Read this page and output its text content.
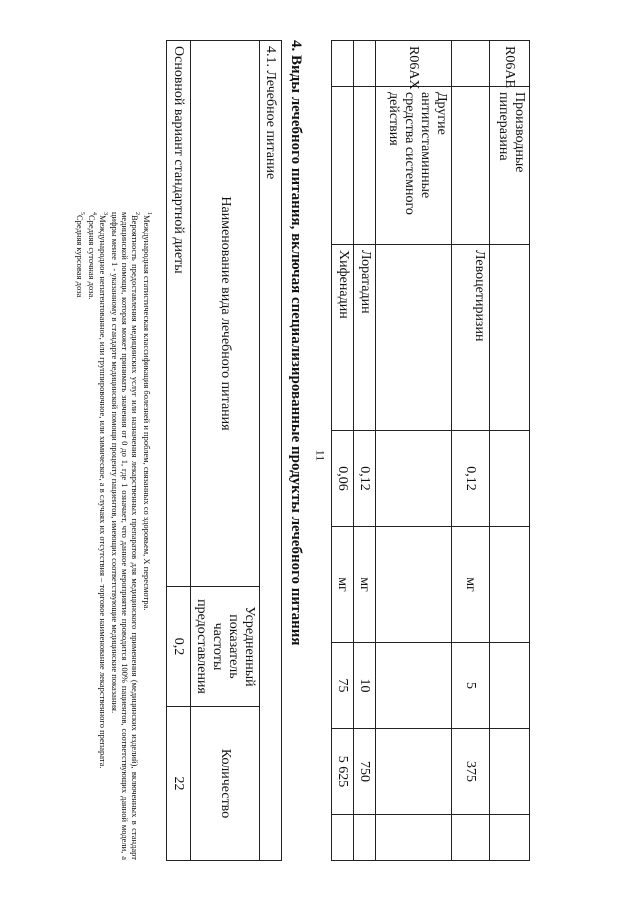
11
R06AE	Производные пиперазина						
		Левоцетиризин	0,12	мг	5	375	
R06AX	Другие антигистаминные средства системного действия						
		Лоратадин	0,12	мг	10	750	
		Хифенадин	0,06	мг	75	5 625	
4. Виды лечебного питания, включая специализированные продукты лечебного питания
4.1. Лечебное питание		
Наименование вида лечебного питания	Усредненный показатель частоты предоставления	Количество
Основной вариант стандартной диеты	0,2	22

$^1$Международная статистическая классификация болезней и проблем, связанных со здоровьем, X пересмотра.

$^2$Вероятность предоставления медицинских услуг или назначения лекарственных препаратов для медицинского применения (медицинских изделий), включенных в стандарт медицинской помощи, которая может принимать значения от 0 до 1, где 1 означает, что данное мероприятие проводится 100% пациентов, соответствующих данной модели, а цифры менее 1 - указанному в стандарте медицинской помощи проценту пациентов, имеющих соответствующие медицинские показания.

$^3$Международное непатентованное, или группировочное, или химическое, а в случаях их отсутствия – торговое наименование лекарственного препарата.

$^4$Средняя суточная доза.

$^5$Средняя курсовая доза
